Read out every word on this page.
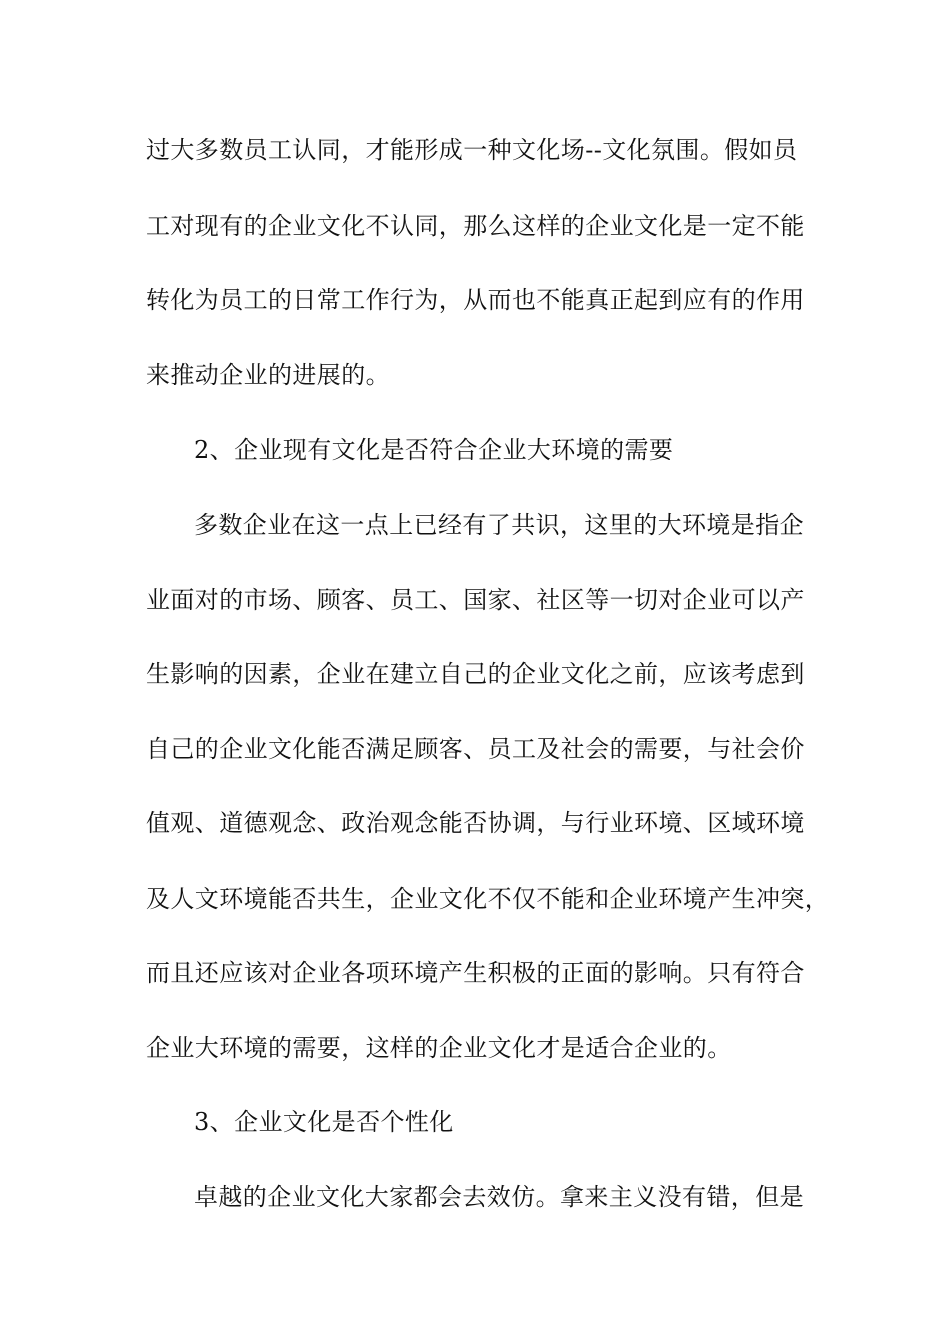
过大多数员工认同，才能形成一种文化场--文化氛围。假如员
工对现有的企业文化不认同，那么这样的企业文化是一定不能
转化为员工的日常工作行为，从而也不能真正起到应有的作用
来推动企业的进展的。
2、企业现有文化是否符合企业大环境的需要
多数企业在这一点上已经有了共识，这里的大环境是指企
业面对的市场、顾客、员工、国家、社区等一切对企业可以产
生影响的因素，企业在建立自己的企业文化之前，应该考虑到
自己的企业文化能否满足顾客、员工及社会的需要，与社会价
值观、道德观念、政治观念能否协调，与行业环境、区域环境
及人文环境能否共生，企业文化不仅不能和企业环境产生冲突，
而且还应该对企业各项环境产生积极的正面的影响。只有符合
企业大环境的需要，这样的企业文化才是适合企业的。
3、企业文化是否个性化
卓越的企业文化大家都会去效仿。拿来主义没有错，但是
